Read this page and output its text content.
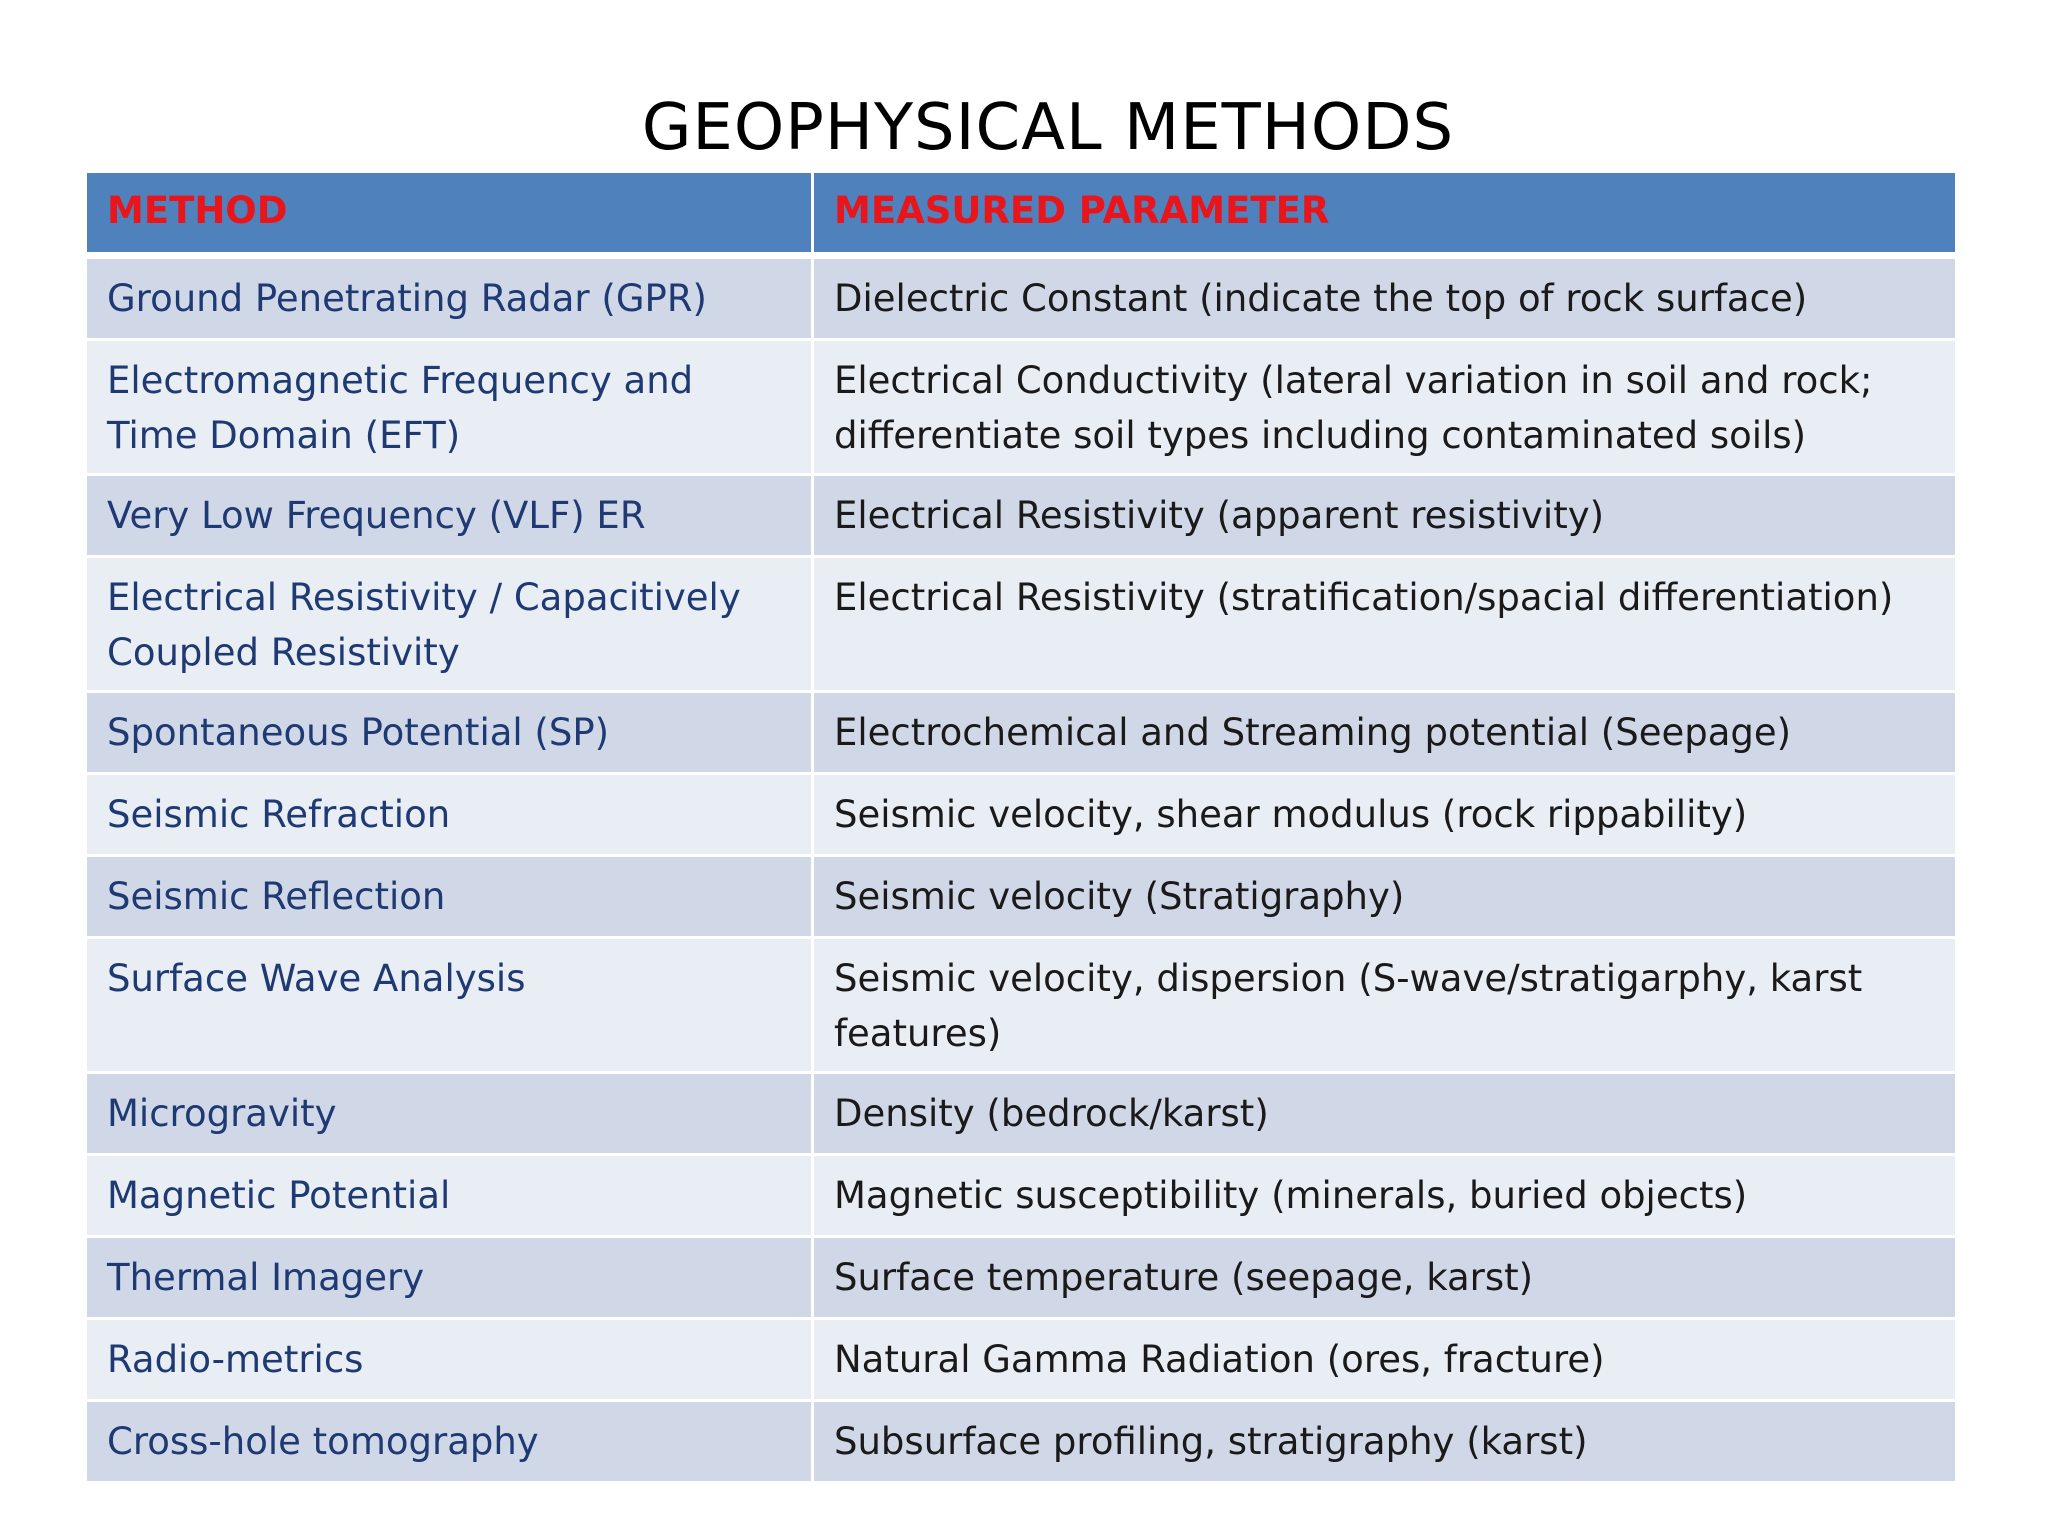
GEOPHYSICAL METHODS
METHOD	MEASURED PARAMETER
Ground Penetrating Radar (GPR)	Dielectric Constant (indicate the top of rock surface)
Electromagnetic Frequency and Time Domain (EFT)	Electrical Conductivity (lateral variation in soil and rock; differentiate soil types including contaminated soils)
Very Low Frequency (VLF) ER	Electrical Resistivity (apparent resistivity)
Electrical Resistivity / Capacitively Coupled Resistivity	Electrical Resistivity (stratification/spacial differentiation)
Spontaneous Potential (SP)	Electrochemical and Streaming potential (Seepage)
Seismic Refraction	Seismic velocity, shear modulus (rock rippability)
Seismic Reflection	Seismic velocity (Stratigraphy)
Surface Wave Analysis	Seismic velocity, dispersion (S-wave/stratigarphy, karst features)
Microgravity	Density (bedrock/karst)
Magnetic Potential	Magnetic susceptibility (minerals, buried objects)
Thermal Imagery	Surface temperature (seepage, karst)
Radio-metrics	Natural Gamma Radiation (ores, fracture)
Cross-hole tomography	Subsurface profiling, stratigraphy (karst)
